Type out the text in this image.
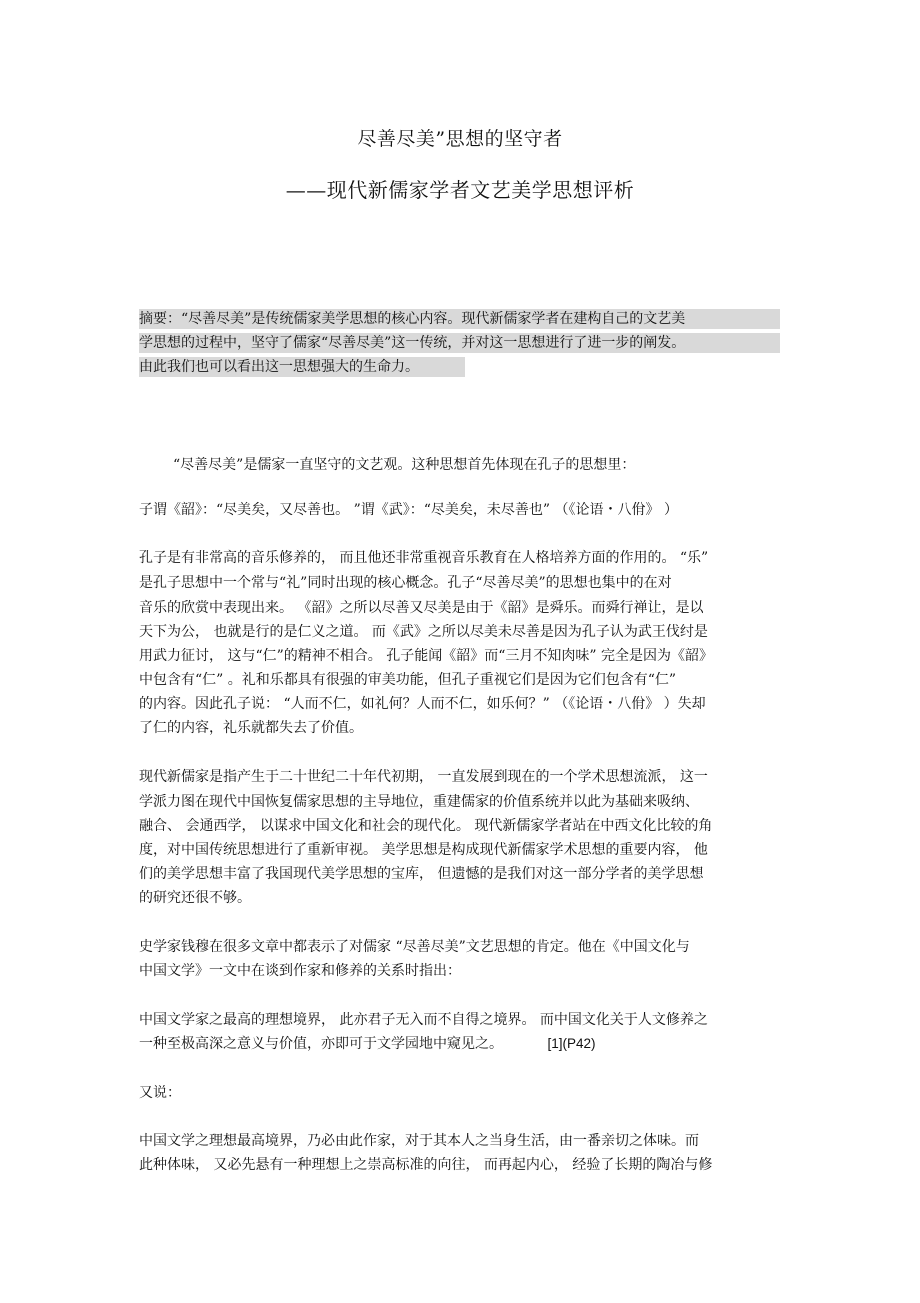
尽善尽美”思想的坚守者
——现代新儒家学者文艺美学思想评析
摘要：“尽善尽美”是传统儒家美学思想的核心内容。现代新儒家学者在建构自己的文艺美
学思想的过程中，坚守了儒家“尽善尽美”这一传统，并对这一思想进行了进一步的阐发。
由此我们也可以看出这一思想强大的生命力。
“尽善尽美”是儒家一直坚守的文艺观。这种思想首先体现在孔子的思想里：
子谓《韶》：“尽美矣，又尽善也。 ”谓《武》：“尽美矣，未尽善也” （《论语・八佾》 ）
孔子是有非常高的音乐修养的， 而且他还非常重视音乐教育在人格培养方面的作用的。 “乐”
是孔子思想中一个常与“礼”同时出现的核心概念。孔子“尽善尽美”的思想也集中的在对
音乐的欣赏中表现出来。 《韶》之所以尽善又尽美是由于《韶》是舜乐。而舜行禅让，是以
天下为公， 也就是行的是仁义之道。 而《武》之所以尽美未尽善是因为孔子认为武王伐纣是
用武力征讨， 这与“仁”的精神不相合。 孔子能闻《韶》而“三月不知肉味” 完全是因为《韶》
中包含有“仁” 。礼和乐都具有很强的审美功能，但孔子重视它们是因为它们包含有“仁”
的内容。因此孔子说： “人而不仁，如礼何？人而不仁，如乐何？” （《论语・八佾》 ）失却
了仁的内容，礼乐就都失去了价值。
现代新儒家是指产生于二十世纪二十年代初期， 一直发展到现在的一个学术思想流派， 这一
学派力图在现代中国恢复儒家思想的主导地位，重建儒家的价值系统并以此为基础来吸纳、
融合、 会通西学， 以谋求中国文化和社会的现代化。 现代新儒家学者站在中西文化比较的角
度，对中国传统思想进行了重新审视。 美学思想是构成现代新儒家学术思想的重要内容， 他
们的美学思想丰富了我国现代美学思想的宝库， 但遗憾的是我们对这一部分学者的美学思想
的研究还很不够。
史学家钱穆在很多文章中都表示了对儒家 “尽善尽美”文艺思想的肯定。他在《中国文化与
中国文学》一文中在谈到作家和修养的关系时指出：
中国文学家之最高的理想境界， 此亦君子无入而不自得之境界。 而中国文化关于人文修养之
一种至极高深之意义与价值，亦即可于文学园地中窥见之。	[1](P42)
又说：
中国文学之理想最高境界，乃必由此作家，对于其本人之当身生活，由一番亲切之体味。而
此种体味， 又必先悬有一种理想上之崇高标准的向往， 而再起内心， 经验了长期的陶冶与修
